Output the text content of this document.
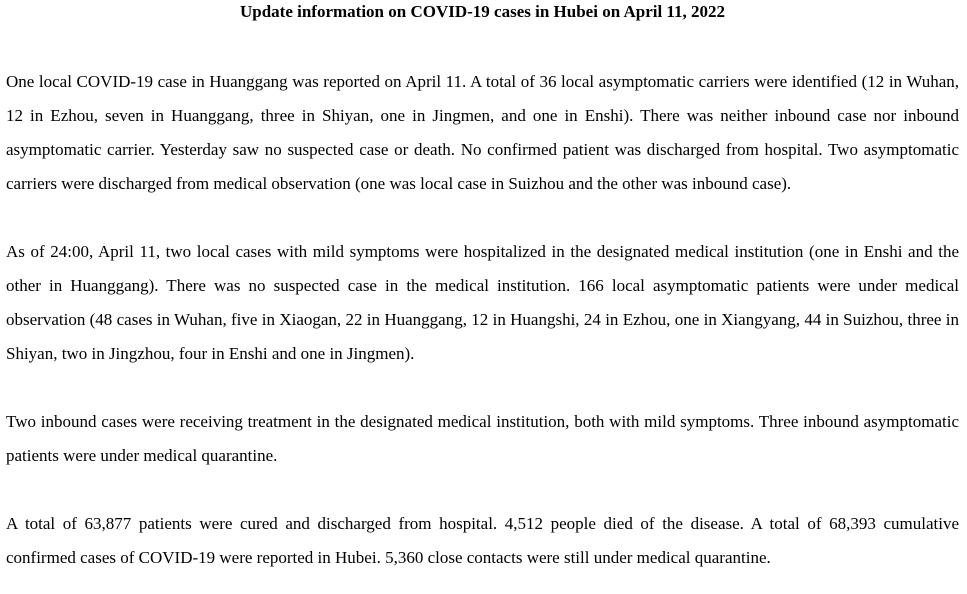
Update information on COVID-19 cases in Hubei on April 11, 2022

One local COVID-19 case in Huanggang was reported on April 11. A total of 36 local asymptomatic carriers were identified (12 in Wuhan, 12 in Ezhou, seven in Huanggang, three in Shiyan, one in Jingmen, and one in Enshi). There was neither inbound case nor inbound asymptomatic carrier. Yesterday saw no suspected case or death. No confirmed patient was discharged from hospital. Two asymptomatic carriers were discharged from medical observation (one was local case in Suizhou and the other was inbound case).

As of 24:00, April 11, two local cases with mild symptoms were hospitalized in the designated medical institution (one in Enshi and the other in Huanggang). There was no suspected case in the medical institution. 166 local asymptomatic patients were under medical observation (48 cases in Wuhan, five in Xiaogan, 22 in Huanggang, 12 in Huangshi, 24 in Ezhou, one in Xiangyang, 44 in Suizhou, three in Shiyan, two in Jingzhou, four in Enshi and one in Jingmen).

Two inbound cases were receiving treatment in the designated medical institution, both with mild symptoms. Three inbound asymptomatic patients were under medical quarantine.

A total of 63,877 patients were cured and discharged from hospital. 4,512 people died of the disease. A total of 68,393 cumulative confirmed cases of COVID-19 were reported in Hubei. 5,360 close contacts were still under medical quarantine.
